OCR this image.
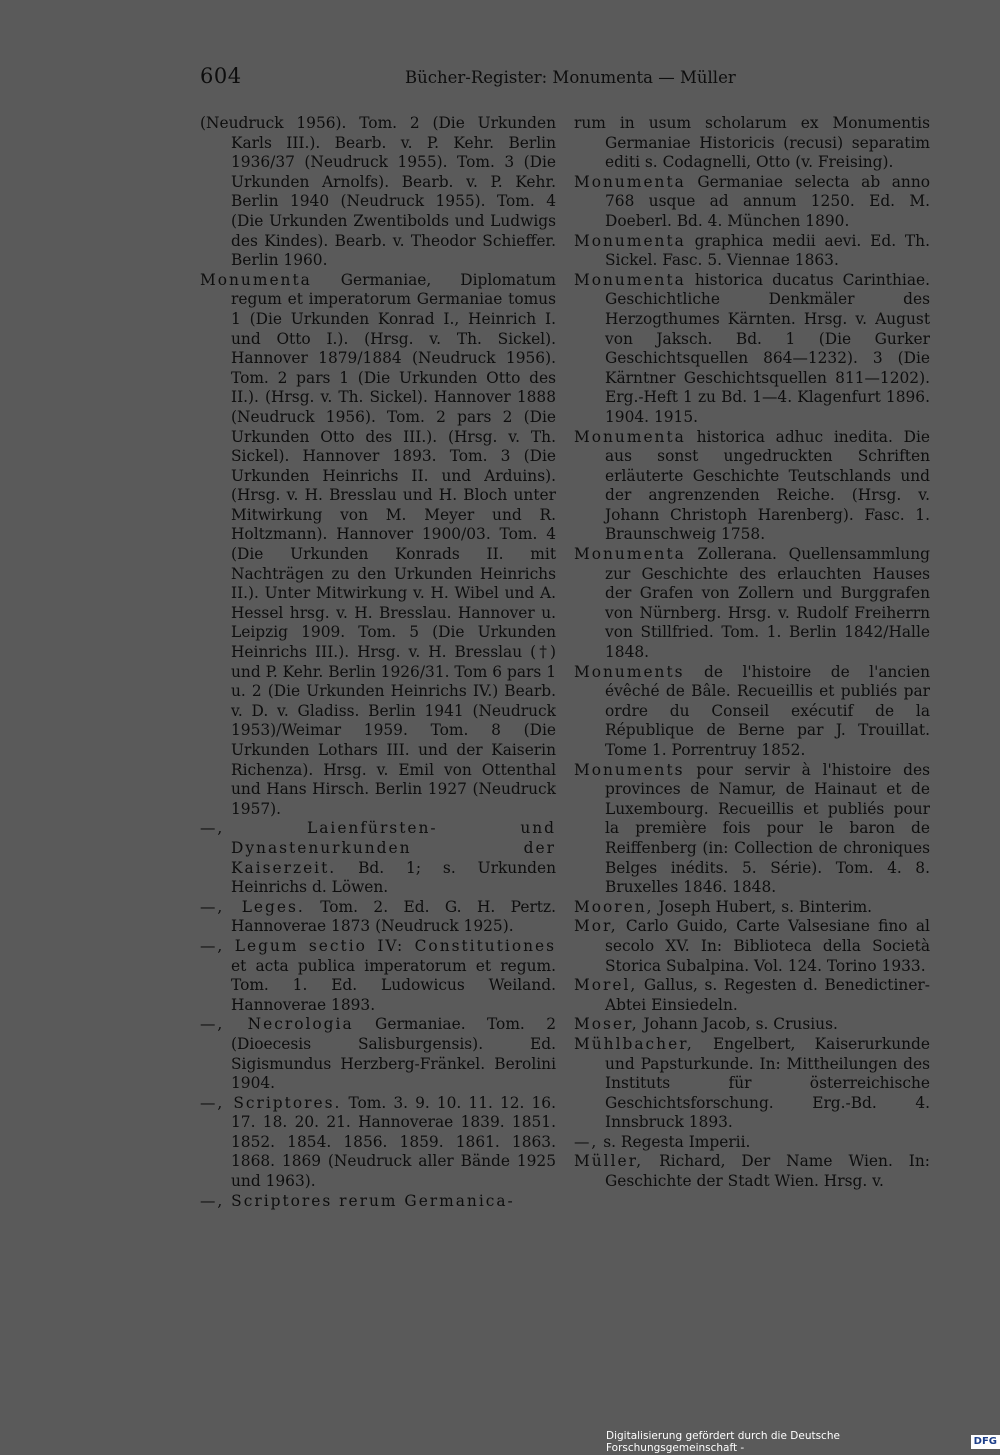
604	Bücher-Register: Monumenta — Müller

(Neudruck 1956). Tom. 2 (Die Urkunden Karls III.). Bearb. v. P. Kehr. Berlin 1936/37 (Neudruck 1955). Tom. 3 (Die Urkunden Arnolfs). Bearb. v. P. Kehr. Berlin 1940 (Neudruck 1955). Tom. 4 (Die Urkunden Zwentibolds und Ludwigs des Kindes). Bearb. v. Theodor Schieffer. Berlin 1960.

Monumenta Germaniae, Diplomatum regum et imperatorum Germaniae tomus 1 (Die Urkunden Konrad I., Heinrich I. und Otto I.). (Hrsg. v. Th. Sickel). Hannover 1879/1884 (Neudruck 1956). Tom. 2 pars 1 (Die Urkunden Otto des II.). (Hrsg. v. Th. Sickel). Hannover 1888 (Neudruck 1956). Tom. 2 pars 2 (Die Urkunden Otto des III.). (Hrsg. v. Th. Sickel). Hannover 1893. Tom. 3 (Die Urkunden Heinrichs II. und Arduins). (Hrsg. v. H. Bresslau und H. Bloch unter Mitwirkung von M. Meyer und R. Holtzmann). Hannover 1900/03. Tom. 4 (Die Urkunden Konrads II. mit Nachträgen zu den Urkunden Heinrichs II.). Unter Mitwirkung v. H. Wibel und A. Hessel hrsg. v. H. Bresslau. Hannover u. Leipzig 1909. Tom. 5 (Die Urkunden Heinrichs III.). Hrsg. v. H. Bresslau (†) und P. Kehr. Berlin 1926/31. Tom 6 pars 1 u. 2 (Die Urkunden Heinrichs IV.) Bearb. v. D. v. Gladiss. Berlin 1941 (Neudruck 1953)/Weimar 1959. Tom. 8 (Die Urkunden Lothars III. und der Kaiserin Richenza). Hrsg. v. Emil von Ottenthal und Hans Hirsch. Berlin 1927 (Neudruck 1957).

—, Laienfürsten- und Dynastenurkunden der Kaiserzeit. Bd. 1; s. Urkunden Heinrichs d. Löwen.

—, Leges. Tom. 2. Ed. G. H. Pertz. Hannoverae 1873 (Neudruck 1925).

—, Legum sectio IV: Constitutiones et acta publica imperatorum et regum. Tom. 1. Ed. Ludowicus Weiland. Hannoverae 1893.

—, Necrologia Germaniae. Tom. 2 (Dioecesis Salisburgensis). Ed. Sigismundus Herzberg-Fränkel. Berolini 1904.

—, Scriptores. Tom. 3. 9. 10. 11. 12. 16. 17. 18. 20. 21. Hannoverae 1839. 1851. 1852. 1854. 1856. 1859. 1861. 1863. 1868. 1869 (Neudruck aller Bände 1925 und 1963).

—, Scriptores rerum Germanica-

rum in usum scholarum ex Monumentis Germaniae Historicis (recusi) separatim editi s. Codagnelli, Otto (v. Freising).

Monumenta Germaniae selecta ab anno 768 usque ad annum 1250. Ed. M. Doeberl. Bd. 4. München 1890.

Monumenta graphica medii aevi. Ed. Th. Sickel. Fasc. 5. Viennae 1863.

Monumenta historica ducatus Carinthiae. Geschichtliche Denkmäler des Herzogthumes Kärnten. Hrsg. v. August von Jaksch. Bd. 1 (Die Gurker Geschichtsquellen 864—1232). 3 (Die Kärntner Geschichtsquellen 811—1202). Erg.-Heft 1 zu Bd. 1—4. Klagenfurt 1896. 1904. 1915.

Monumenta historica adhuc inedita. Die aus sonst ungedruckten Schriften erläuterte Geschichte Teutschlands und der angrenzenden Reiche. (Hrsg. v. Johann Christoph Harenberg). Fasc. 1. Braunschweig 1758.

Monumenta Zollerana. Quellensammlung zur Geschichte des erlauchten Hauses der Grafen von Zollern und Burggrafen von Nürnberg. Hrsg. v. Rudolf Freiherrn von Stillfried. Tom. 1. Berlin 1842/Halle 1848.

Monuments de l'histoire de l'ancien évêché de Bâle. Recueillis et publiés par ordre du Conseil exécutif de la République de Berne par J. Trouillat. Tome 1. Porrentruy 1852.

Monuments pour servir à l'histoire des provinces de Namur, de Hainaut et de Luxembourg. Recueillis et publiés pour la première fois pour le baron de Reiffenberg (in: Collection de chroniques Belges inédits. 5. Série). Tom. 4. 8. Bruxelles 1846. 1848.

Mooren, Joseph Hubert, s. Binterim.

Mor, Carlo Guido, Carte Valsesiane fino al secolo XV. In: Biblioteca della Società Storica Subalpina. Vol. 124. Torino 1933.

Morel, Gallus, s. Regesten d. Benedictiner-Abtei Einsiedeln.

Moser, Johann Jacob, s. Crusius.

Mühlbacher, Engelbert, Kaiserurkunde und Papsturkunde. In: Mittheilungen des Instituts für österreichische Geschichtsforschung. Erg.-Bd. 4. Innsbruck 1893.

—, s. Regesta Imperii.

Müller, Richard, Der Name Wien. In: Geschichte der Stadt Wien. Hrsg. v.

Digitalisierung gefördert durch die Deutsche Forschungsgemeinschaft -
DFG
